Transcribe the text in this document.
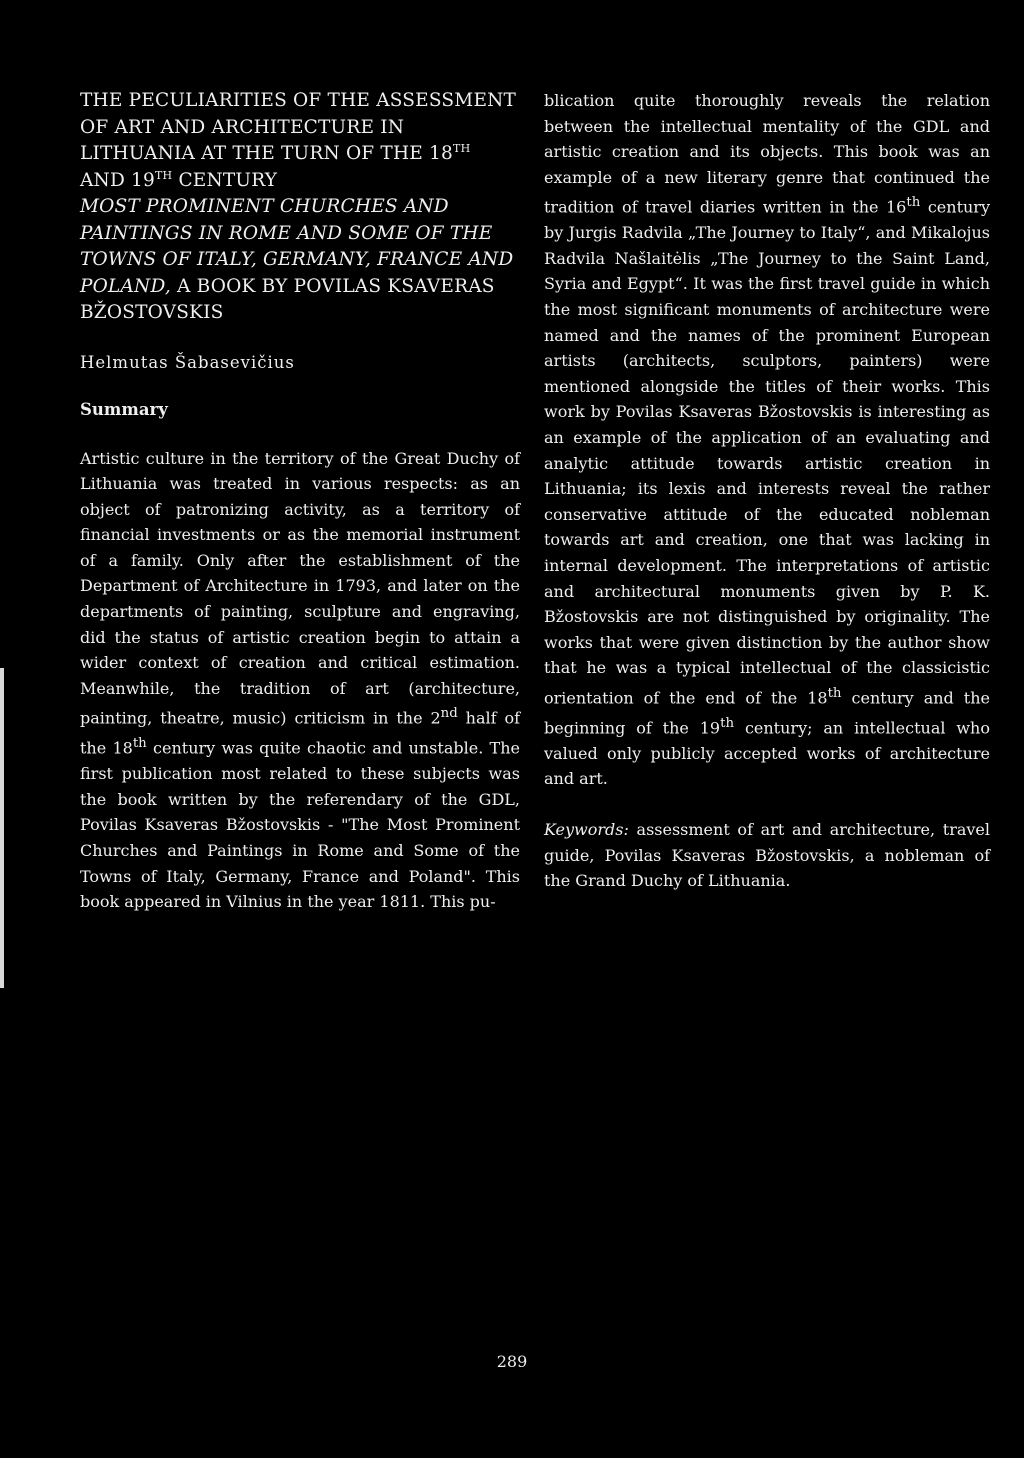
THE PECULIARITIES OF THE ASSESSMENT OF ART AND ARCHITECTURE IN LITHUANIA AT THE TURN OF THE 18TH AND 19TH CENTURY
MOST PROMINENT CHURCHES AND PAINTINGS IN ROME AND SOME OF THE TOWNS OF ITALY, GERMANY, FRANCE AND POLAND, A BOOK BY POVILAS KSAVERAS BŽOSTOVSKIS
Helmutas Šabasevičius
Summary

Artistic culture in the territory of the Great Duchy of Lithuania was treated in various respects: as an object of patronizing activity, as a territory of financial investments or as the memorial instrument of a family. Only after the establishment of the Department of Architecture in 1793, and later on the departments of painting, sculpture and engraving, did the status of artistic creation begin to attain a wider context of creation and critical estimation. Meanwhile, the tradition of art (architecture, painting, theatre, music) criticism in the 2nd half of the 18th century was quite chaotic and unstable. The first publication most related to these subjects was the book written by the referendary of the GDL, Povilas Ksaveras Bžostovskis - "The Most Prominent Churches and Paintings in Rome and Some of the Towns of Italy, Germany, France and Poland". This book appeared in Vilnius in the year 1811. This pu-

blication quite thoroughly reveals the relation between the intellectual mentality of the GDL and artistic creation and its objects. This book was an example of a new literary genre that continued the tradition of travel diaries written in the 16th century by Jurgis Radvila „The Journey to Italy“, and Mikalojus Radvila Našlaitėlis „The Journey to the Saint Land, Syria and Egypt“. It was the first travel guide in which the most significant monuments of architecture were named and the names of the prominent European artists (architects, sculptors, painters) were mentioned alongside the titles of their works. This work by Povilas Ksaveras Bžostovskis is interesting as an example of the application of an evaluating and analytic attitude towards artistic creation in Lithuania; its lexis and interests reveal the rather conservative attitude of the educated nobleman towards art and creation, one that was lacking in internal development. The interpretations of artistic and architectural monuments given by P. K. Bžostovskis are not distinguished by originality. The works that were given distinction by the author show that he was a typical intellectual of the classicistic orientation of the end of the 18th century and the beginning of the 19th century; an intellectual who valued only publicly accepted works of architecture and art.

Keywords: assessment of art and architecture, travel guide, Povilas Ksaveras Bžostovskis, a nobleman of the Grand Duchy of Lithuania.

289
